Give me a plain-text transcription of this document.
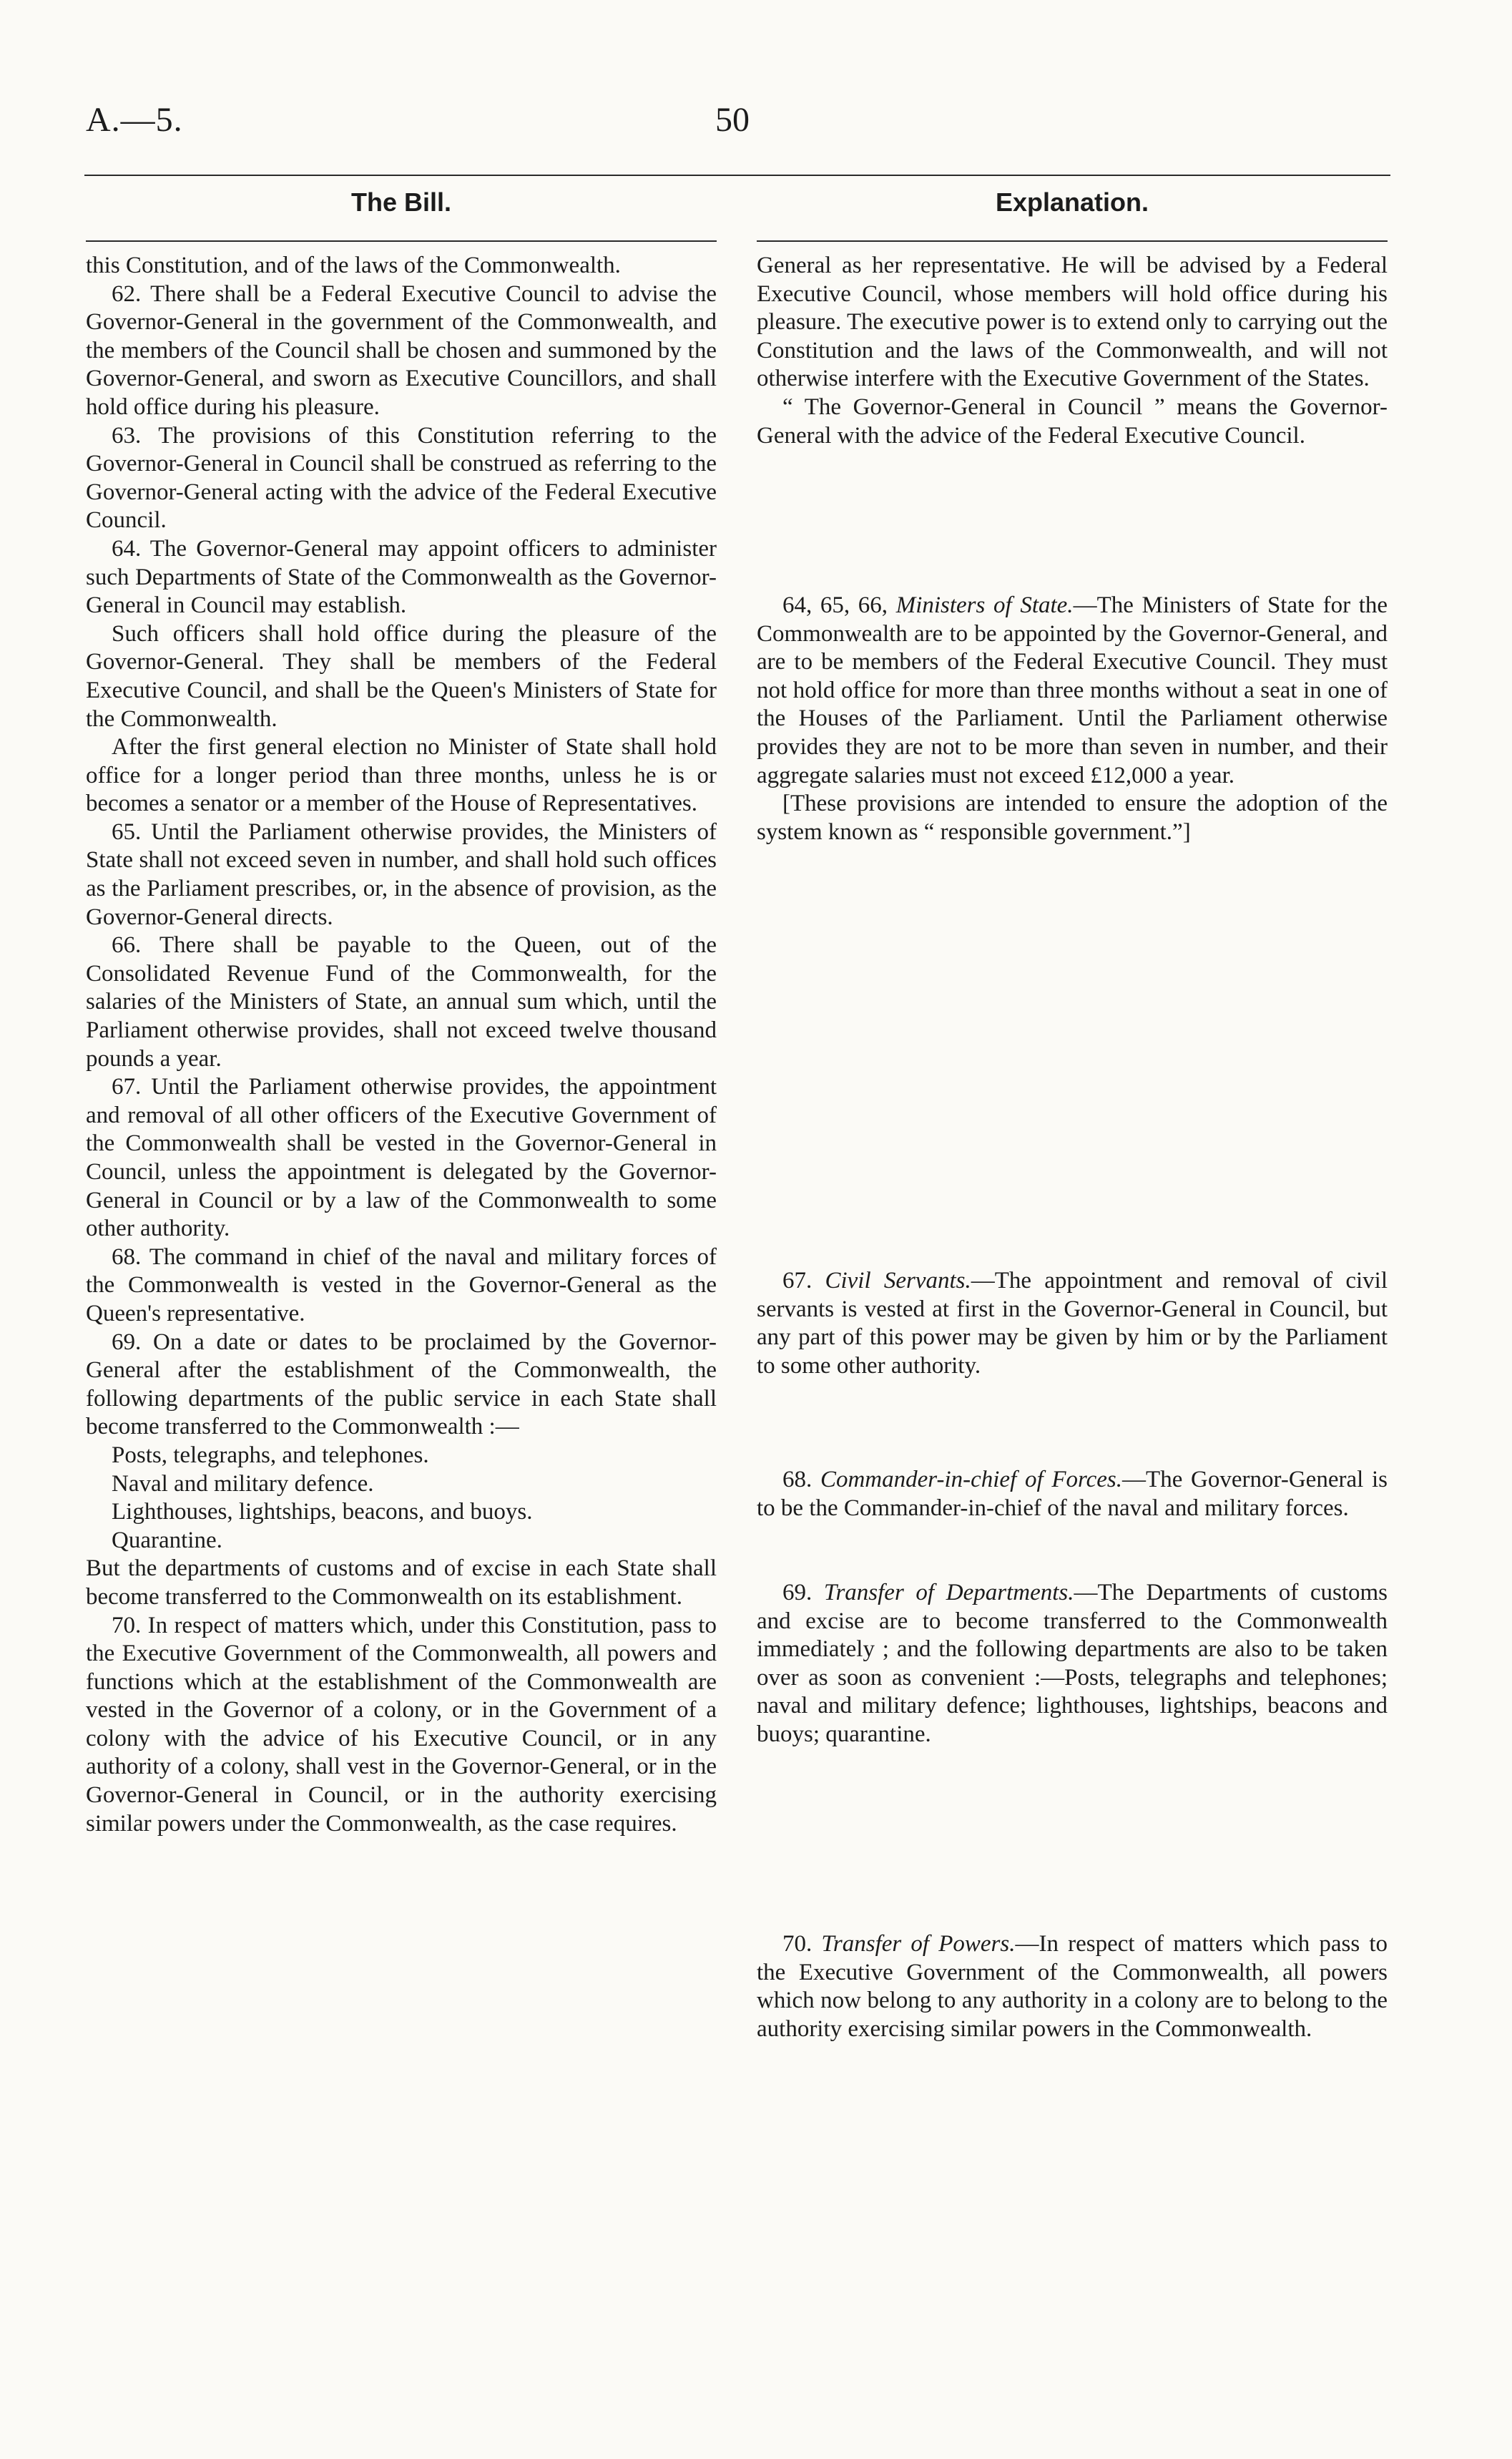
A.—5.	50
The Bill.	Explanation.

this Constitution, and of the laws of the Commonwealth.

62. There shall be a Federal Executive Council to advise the Governor-General in the government of the Commonwealth, and the members of the Council shall be chosen and summoned by the Governor-General, and sworn as Executive Councillors, and shall hold office during his pleasure.

63. The provisions of this Constitution referring to the Governor-General in Council shall be construed as referring to the Governor-General acting with the advice of the Federal Executive Council.

64. The Governor-General may appoint officers to administer such Departments of State of the Commonwealth as the Governor-General in Council may establish.

Such officers shall hold office during the pleasure of the Governor-General. They shall be members of the Federal Executive Council, and shall be the Queen's Ministers of State for the Commonwealth.

After the first general election no Minister of State shall hold office for a longer period than three months, unless he is or becomes a senator or a member of the House of Representatives.

65. Until the Parliament otherwise provides, the Ministers of State shall not exceed seven in number, and shall hold such offices as the Parliament prescribes, or, in the absence of provision, as the Governor-General directs.

66. There shall be payable to the Queen, out of the Consolidated Revenue Fund of the Commonwealth, for the salaries of the Ministers of State, an annual sum which, until the Parliament otherwise provides, shall not exceed twelve thousand pounds a year.

67. Until the Parliament otherwise provides, the appointment and removal of all other officers of the Executive Government of the Commonwealth shall be vested in the Governor-General in Council, unless the appointment is delegated by the Governor-General in Council or by a law of the Commonwealth to some other authority.

68. The command in chief of the naval and military forces of the Commonwealth is vested in the Governor-General as the Queen's representative.

69. On a date or dates to be proclaimed by the Governor-General after the establishment of the Commonwealth, the following departments of the public service in each State shall become transferred to the Commonwealth :—

Posts, telegraphs, and telephones.

Naval and military defence.

Lighthouses, lightships, beacons, and buoys.

Quarantine.

But the departments of customs and of excise in each State shall become transferred to the Commonwealth on its establishment.

70. In respect of matters which, under this Constitution, pass to the Executive Government of the Commonwealth, all powers and functions which at the establishment of the Commonwealth are vested in the Governor of a colony, or in the Government of a colony with the advice of his Executive Council, or in any authority of a colony, shall vest in the Governor-General, or in the Governor-General in Council, or in the authority exercising similar powers under the Commonwealth, as the case requires.

General as her representative. He will be advised by a Federal Executive Council, whose members will hold office during his pleasure. The executive power is to extend only to carrying out the Constitution and the laws of the Commonwealth, and will not otherwise interfere with the Executive Government of the States.

“ The Governor-General in Council ” means the Governor-General with the advice of the Federal Executive Council.

64, 65, 66, Ministers of State.—The Ministers of State for the Commonwealth are to be appointed by the Governor-General, and are to be members of the Federal Executive Council. They must not hold office for more than three months without a seat in one of the Houses of the Parliament. Until the Parliament otherwise provides they are not to be more than seven in number, and their aggregate salaries must not exceed £12,000 a year.

[These provisions are intended to ensure the adoption of the system known as “ responsible government.”]

67. Civil Servants.—The appointment and removal of civil servants is vested at first in the Governor-General in Council, but any part of this power may be given by him or by the Parliament to some other authority.

68. Commander-in-chief of Forces.—The Governor-General is to be the Commander-in-chief of the naval and military forces.

69. Transfer of Departments.—The Departments of customs and excise are to become transferred to the Commonwealth immediately ; and the following departments are also to be taken over as soon as convenient :—Posts, telegraphs and telephones; naval and military defence; lighthouses, lightships, beacons and buoys; quarantine.

70. Transfer of Powers.—In respect of matters which pass to the Executive Government of the Commonwealth, all powers which now belong to any authority in a colony are to belong to the authority exercising similar powers in the Commonwealth.
